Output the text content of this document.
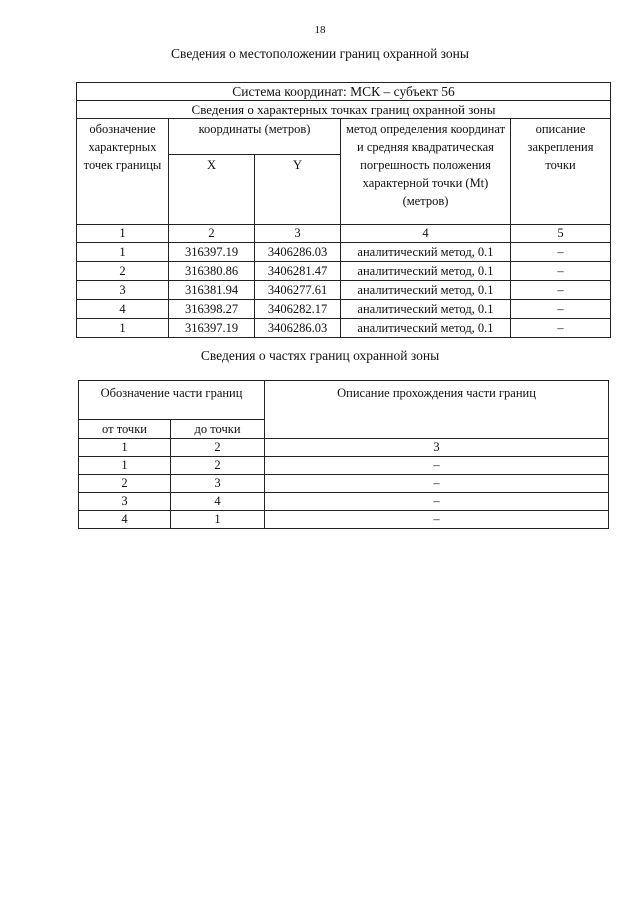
18
Сведения о местоположении границ охранной зоны
Система координат: МСК – субъект 56				
Сведения о характерных точках границ охранной зоны				
обозначение характерных точек границы	координаты (метров)		метод определения координат и средняя квадратическая погрешность положения характерной точки (Mt) (метров)	описание закрепления точки
	X	Y		
1	2	3	4	5
1	316397.19	3406286.03	аналитический метод, 0.1	–
2	316380.86	3406281.47	аналитический метод, 0.1	–
3	316381.94	3406277.61	аналитический метод, 0.1	–
4	316398.27	3406282.17	аналитический метод, 0.1	–
1	316397.19	3406286.03	аналитический метод, 0.1	–
Сведения о частях границ охранной зоны
Обозначение части границ		Описание прохождения части границ
от точки	до точки	
1	2	3
1	2	–
2	3	–
3	4	–
4	1	–
